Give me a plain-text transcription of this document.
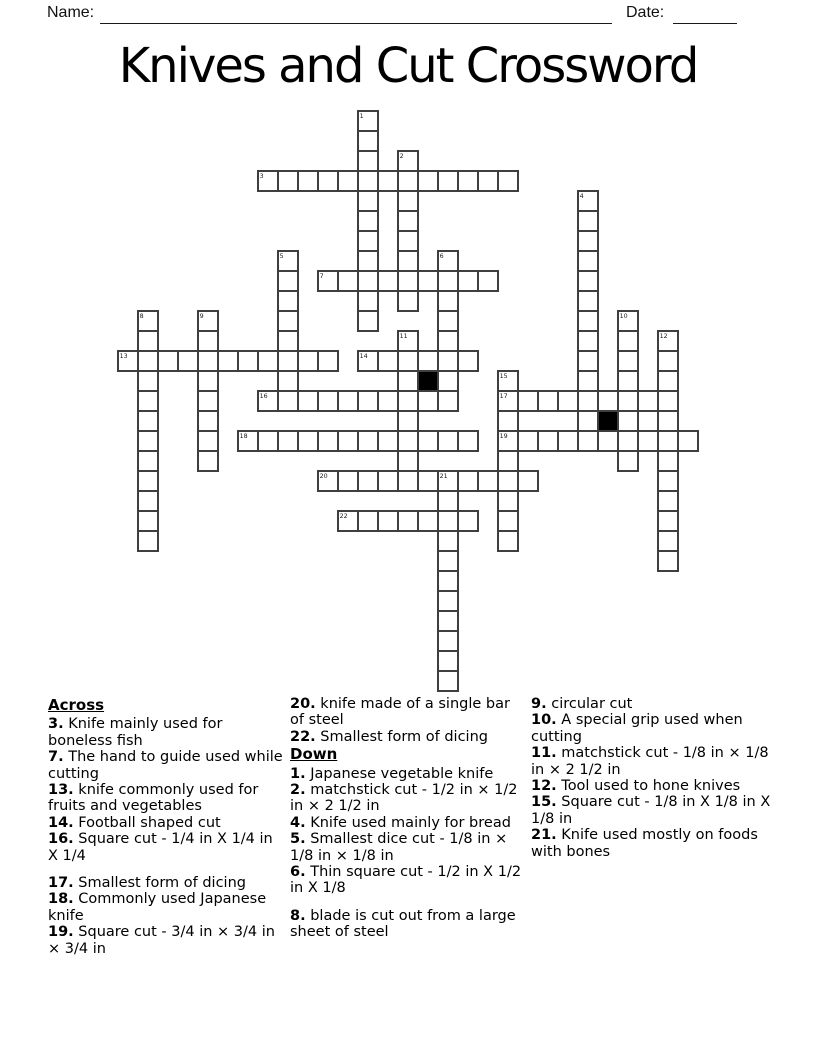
Name:	Date:
Knives and Cut Crossword
3
7
13	14
16	17
18	19
20
22
1
2
4
5	6
8	9	10
11	12
15
21
Across
3. Knife mainly used for boneless fish
7. The hand to guide used while cutting
13. knife commonly used for fruits and vegetables
14. Football shaped cut
16. Square cut - 1/4 in X 1/4 in X 1/4
17. Smallest form of dicing
18. Commonly used Japanese knife
19. Square cut - 3/4 in × 3/4 in × 3/4 in
20. knife made of a single bar of steel
22. Smallest form of dicing
Down
1. Japanese vegetable knife
2. matchstick cut - 1/2 in × 1/2 in × 2 1/2 in
4. Knife used mainly for bread
5. Smallest dice cut - 1/8 in × 1/8 in × 1/8 in
6. Thin square cut - 1/2 in X 1/2 in X 1/8
8. blade is cut out from a large sheet of steel
9. circular cut
10. A special grip used when cutting
11. matchstick cut - 1/8 in × 1/8 in × 2 1/2 in
12. Tool used to hone knives
15. Square cut - 1/8 in X 1/8 in X 1/8 in
21. Knife used mostly on foods with bones
